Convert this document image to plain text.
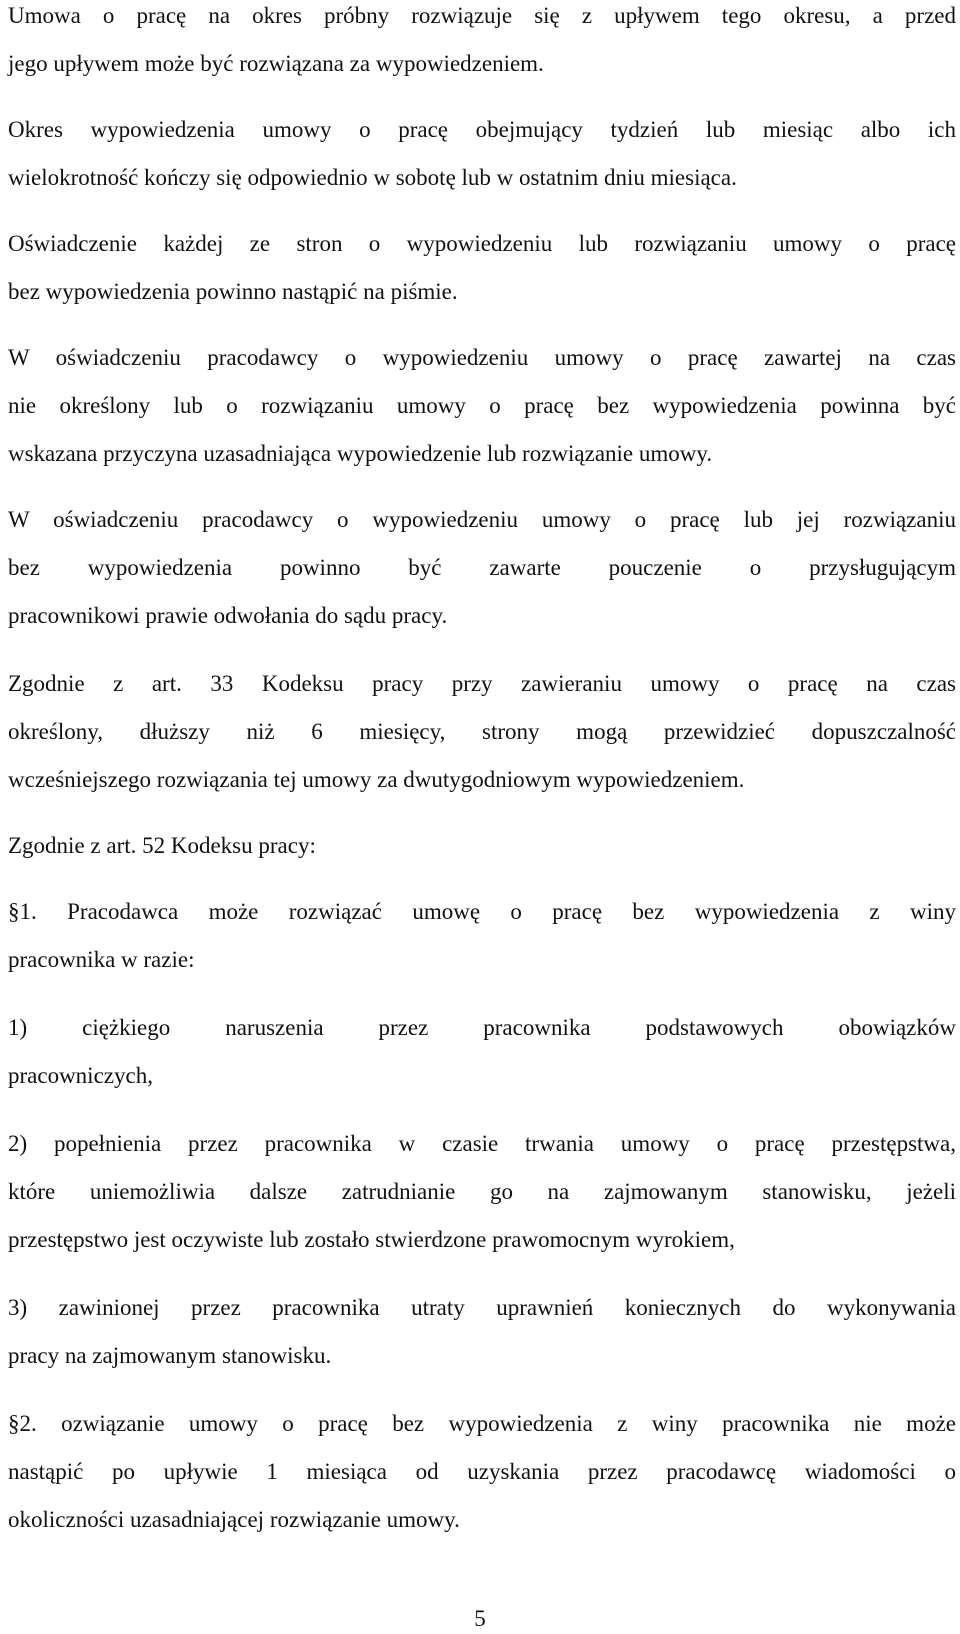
Umowa o pracę na okres próbny rozwiązuje się z upływem tego okresu, a przed
jego upływem może być rozwiązana za wypowiedzeniem.
Okres wypowiedzenia umowy o pracę obejmujący tydzień lub miesiąc albo ich
wielokrotność kończy się odpowiednio w sobotę lub w ostatnim dniu miesiąca.
Oświadczenie każdej ze stron o wypowiedzeniu lub rozwiązaniu umowy o pracę
bez wypowiedzenia powinno nastąpić na piśmie.
W oświadczeniu pracodawcy o wypowiedzeniu umowy o pracę zawartej na czas
nie określony lub o rozwiązaniu umowy o pracę bez wypowiedzenia powinna być
wskazana przyczyna uzasadniająca wypowiedzenie lub rozwiązanie umowy.
W oświadczeniu pracodawcy o wypowiedzeniu umowy o pracę lub jej rozwiązaniu
bez wypowiedzenia powinno być zawarte pouczenie o przysługującym
pracownikowi prawie odwołania do sądu pracy.
Zgodnie z art. 33 Kodeksu pracy przy zawieraniu umowy o pracę na czas
określony, dłuższy niż 6 miesięcy, strony mogą przewidzieć dopuszczalność
wcześniejszego rozwiązania tej umowy za dwutygodniowym wypowiedzeniem.
Zgodnie z art. 52 Kodeksu pracy:
§1. Pracodawca może rozwiązać umowę o pracę bez wypowiedzenia z winy
pracownika w razie:
1) ciężkiego naruszenia przez pracownika podstawowych obowiązków
pracowniczych,
2) popełnienia przez pracownika w czasie trwania umowy o pracę przestępstwa,
które uniemożliwia dalsze zatrudnianie go na zajmowanym stanowisku, jeżeli
przestępstwo jest oczywiste lub zostało stwierdzone prawomocnym wyrokiem,
3) zawinionej przez pracownika utraty uprawnień koniecznych do wykonywania
pracy na zajmowanym stanowisku.
§2. ozwiązanie umowy o pracę bez wypowiedzenia z winy pracownika nie może
nastąpić po upływie 1 miesiąca od uzyskania przez pracodawcę wiadomości o
okoliczności uzasadniającej rozwiązanie umowy.
5
